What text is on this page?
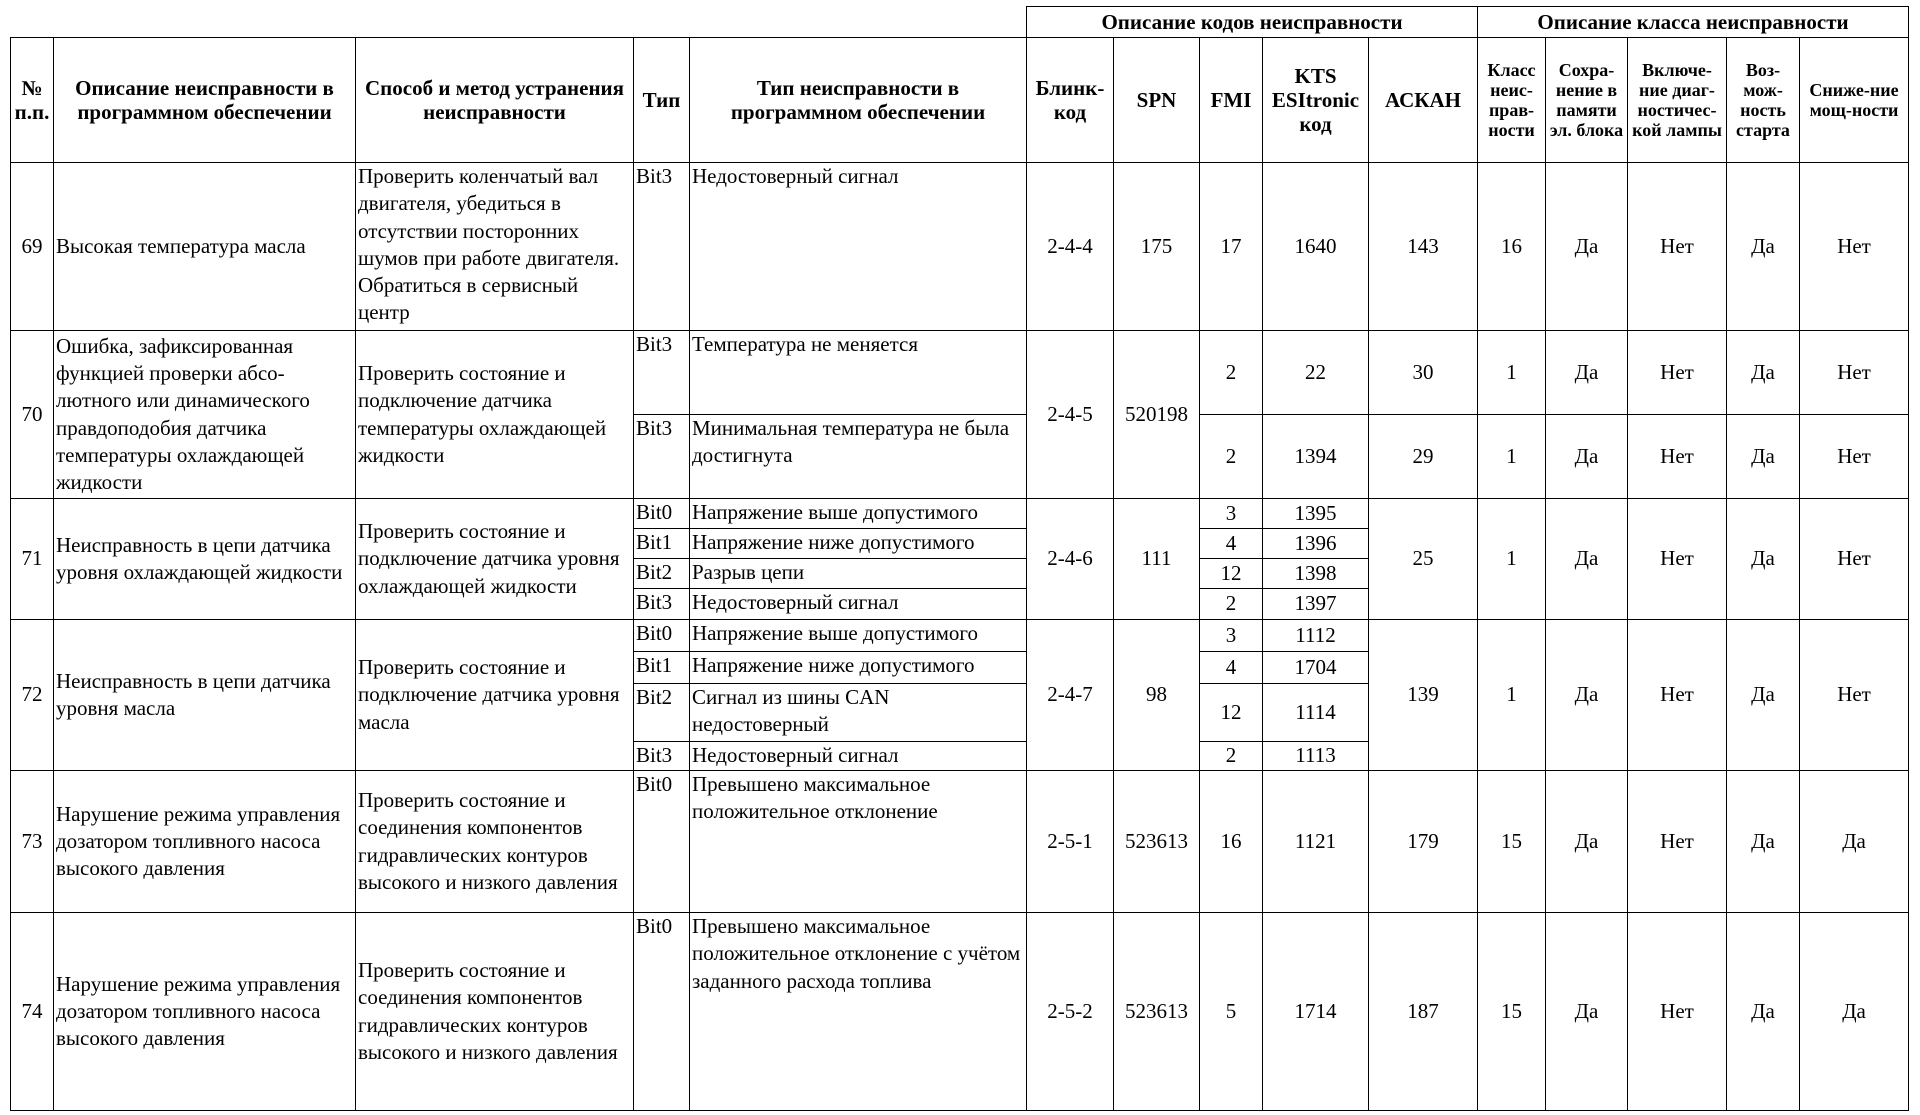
					Описание кодов неисправности					Описание класса неисправности				
№ п.п.	Описание неисправности в программном обеспечении	Способ и метод устранения неисправности	Тип	Тип неисправности в программном обеспечении	Блинк-код	SPN	FMI	KTS ESItronic код	АСКАН	Класс неис-прав-ности	Сохра-нение в памяти эл. блока	Включе-ние диаг-ностичес-кой лампы	Воз-мож-ность старта	Сниже-ние мощ-ности
69	Высокая температура масла	Проверить коленчатый вал двигателя, убедиться в отсутствии посторонних шумов при работе двигателя. Обратиться в сервисный центр	Bit3	Недостоверный сигнал	2-4-4	175	17	1640	143	16	Да	Нет	Да	Нет
70	Ошибка, зафиксированная функцией проверки абсо-лютного или динамического правдоподобия датчика температуры охлаждающей жидкости	Проверить состояние и подключение датчика температуры охлаждающей жидкости	Bit3	Температура не меняется	2-4-5	520198	2	22	30	1	Да	Нет	Да	Нет
			Bit3	Минимальная температура не была достигнута			2	1394	29	1	Да	Нет	Да	Нет
71	Неисправность в цепи датчика уровня охлаждающей жидкости	Проверить состояние и подключение датчика уровня охлаждающей жидкости	Bit0	Напряжение выше допустимого	2-4-6	111	3	1395	25	1	Да	Нет	Да	Нет
			Bit1	Напряжение ниже допустимого			4	1396						
			Bit2	Разрыв цепи			12	1398						
			Bit3	Недостоверный сигнал			2	1397						
72	Неисправность в цепи датчика уровня масла	Проверить состояние и подключение датчика уровня масла	Bit0	Напряжение выше допустимого	2-4-7	98	3	1112	139	1	Да	Нет	Да	Нет
			Bit1	Напряжение ниже допустимого			4	1704						
			Bit2	Сигнал из шины CAN недостоверный			12	1114						
			Bit3	Недостоверный сигнал			2	1113						
73	Нарушение режима управления дозатором топливного насоса высокого давления	Проверить состояние и соединения компонентов гидравлических контуров высокого и низкого давления	Bit0	Превышено максимальное положительное отклонение	2-5-1	523613	16	1121	179	15	Да	Нет	Да	Да
74	Нарушение режима управления дозатором топливного насоса высокого давления	Проверить состояние и соединения компонентов гидравлических контуров высокого и низкого давления	Bit0	Превышено максимальное положительное отклонение с учётом заданного расхода топлива	2-5-2	523613	5	1714	187	15	Да	Нет	Да	Да
